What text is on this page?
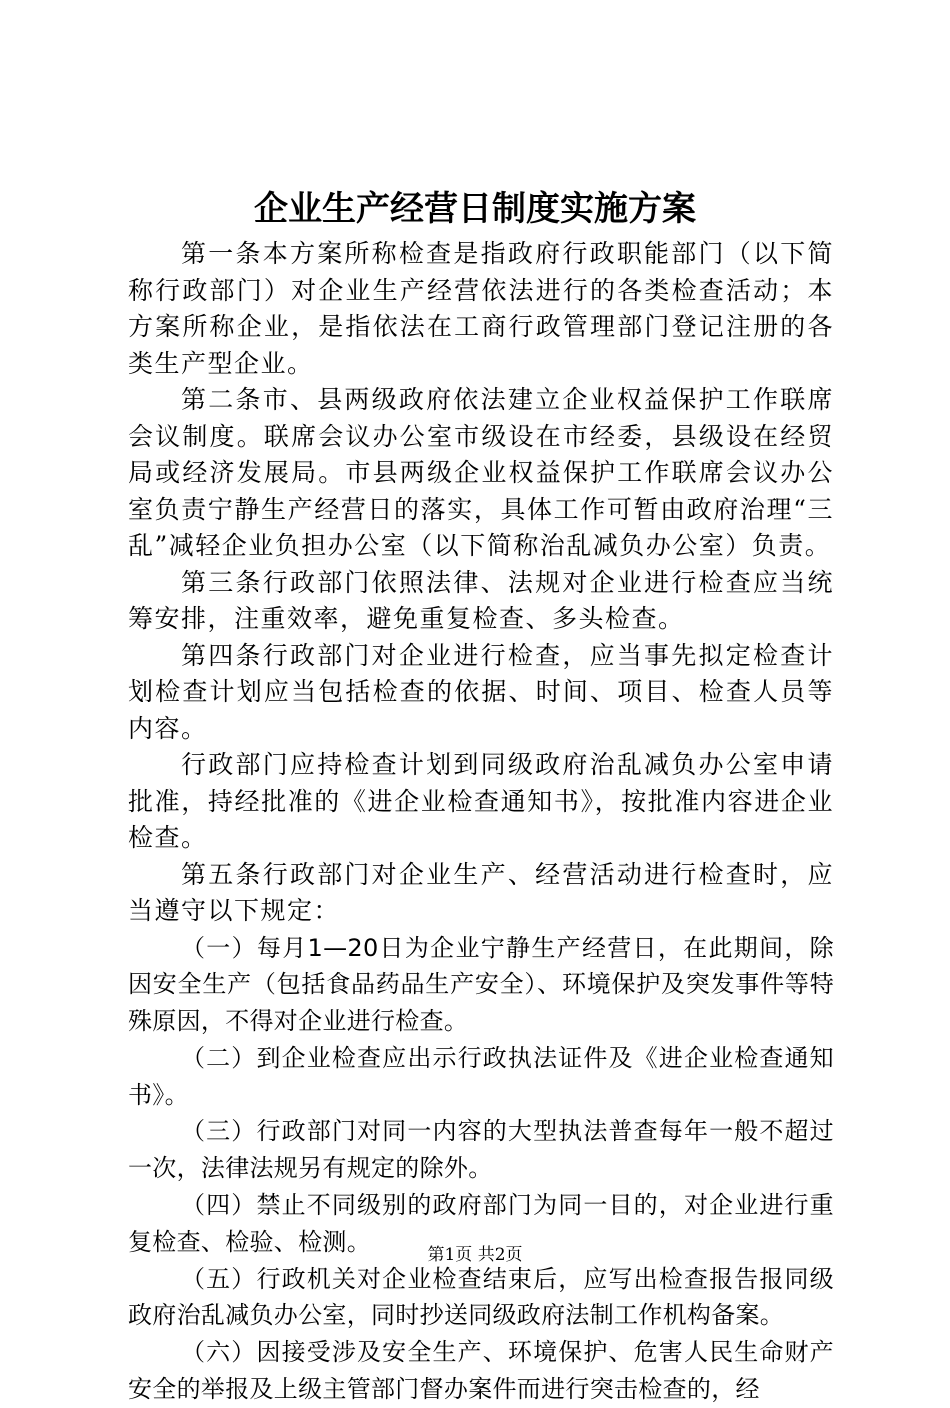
企业生产经营日制度实施方案

第一条本方案所称检查是指政府行政职能部门（以下简称行政部门）对企业生产经营依法进行的各类检查活动；本方案所称企业，是指依法在工商行政管理部门登记注册的各类生产型企业。

第二条市、县两级政府依法建立企业权益保护工作联席会议制度。联席会议办公室市级设在市经委，县级设在经贸局或经济发展局。市县两级企业权益保护工作联席会议办公室负责宁静生产经营日的落实，具体工作可暂由政府治理“三乱”减轻企业负担办公室（以下简称治乱减负办公室）负责。

第三条行政部门依照法律、法规对企业进行检查应当统筹安排，注重效率，避免重复检查、多头检查。

第四条行政部门对企业进行检查，应当事先拟定检查计划检查计划应当包括检查的依据、时间、项目、检查人员等内容。

行政部门应持检查计划到同级政府治乱减负办公室申请批准，持经批准的《进企业检查通知书》，按批准内容进企业检查。

第五条行政部门对企业生产、经营活动进行检查时，应当遵守以下规定：

（一）每月1—20日为企业宁静生产经营日，在此期间，除因安全生产（包括食品药品生产安全）、环境保护及突发事件等特殊原因，不得对企业进行检查。

（二）到企业检查应出示行政执法证件及《进企业检查通知书》。

（三）行政部门对同一内容的大型执法普查每年一般不超过一次，法律法规另有规定的除外。

（四）禁止不同级别的政府部门为同一目的，对企业进行重复检查、检验、检测。

（五）行政机关对企业检查结束后，应写出检查报告报同级政府治乱减负办公室，同时抄送同级政府法制工作机构备案。

（六）因接受涉及安全生产、环境保护、危害人民生命财产安全的举报及上级主管部门督办案件而进行突击检查的，经

第1页 共2页
